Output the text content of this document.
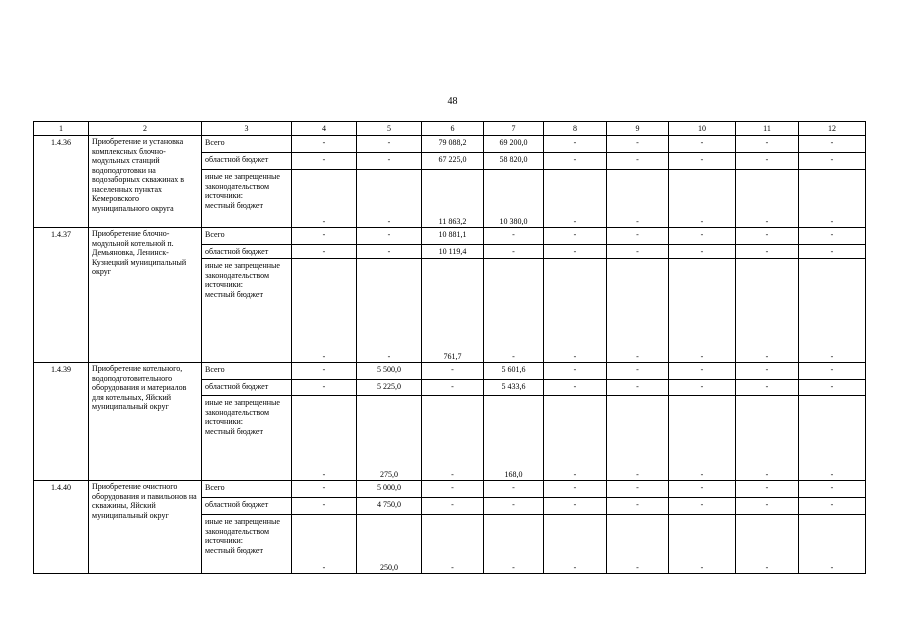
48
1	2	3	4	5	6	7	8	9	10	11	12
1.4.36	Приобретение и установка комплексных блочно-модульных станций водоподготовки на водозаборных скважинах в населенных пунктах Кемеровского муниципального округа	Всего	-	-	79 088,2	69 200,0	-	-	-	-	-

		областной бюджет	-	-	67 225,0	58 820,0	-	-	-	-	-

		иные не запрещенные законодательством источники:
местный бюджет	-	-	11 863,2	10 380,0	-	-	-	-	-
1.4.37	Приобретение блочно-модульной котельной п. Демьяновка, Ленинск-Кузнецкий муниципальный округ	Всего	-	-	10 881,1	-	-	-	-	-	-

		областной бюджет	-	-	10 119,4	-	-	-	-	-	-

		иные не запрещенные законодательством источники:
местный бюджет	-	-	761,7	-	-	-	-	-	-
1.4.39	Приобретение котельного, водоподготовительного оборудования и материалов для котельных, Яйский муниципальный округ	Всего	-	5 500,0	-	5 601,6	-	-	-	-	-

		областной бюджет	-	5 225,0	-	5 433,6	-	-	-	-	-

		иные не запрещенные законодательством источники:
местный бюджет	-	275,0	-	168,0	-	-	-	-	-
1.4.40	Приобретение очистного оборудования и павильонов на скважины, Яйский муниципальный округ	Всего	-	5 000,0	-	-	-	-	-	-	-

		областной бюджет	-	4 750,0	-	-	-	-	-	-	-

		иные не запрещенные законодательством источники:
местный бюджет	-	250,0	-	-	-	-	-	-	-
